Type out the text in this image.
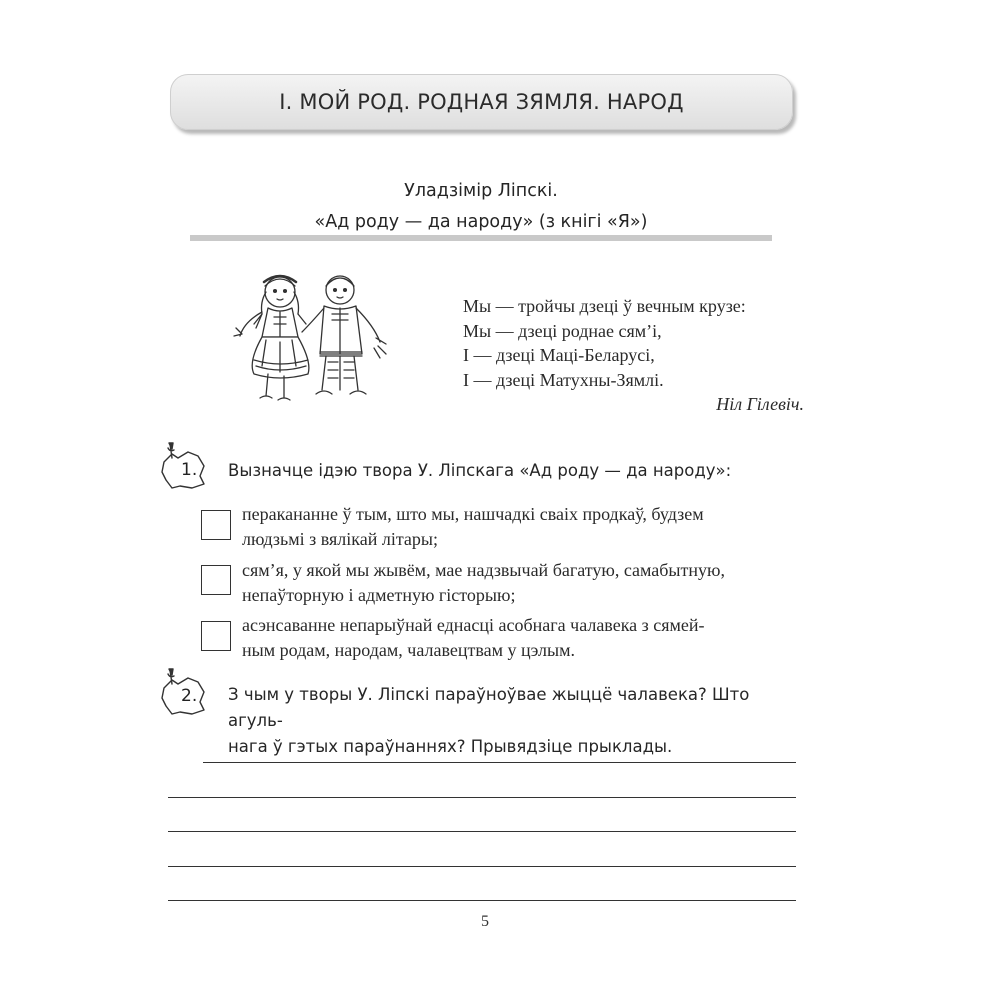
І. МОЙ РОД. РОДНАЯ ЗЯМЛЯ. НАРОД
Уладзімір Ліпскі.
«Ад роду — да народу» (з кнігі «Я»)
Мы — тройчы дзеці ў вечным крузе:
Мы — дзеці роднае сям’і,
І — дзеці Маці-Беларусі,
І — дзеці Матухны-Зямлі.
Ніл Гілевіч.
1. Вызначце ідэю твора У. Ліпскага «Ад роду — да народу»:
перакананне ў тым, што мы, нашчадкі сваіх продкаў, будзем
людзьмі з вялікай літары;
сям’я, у якой мы жывём, мае надзвычай багатую, самабытную,
непаўторную і адметную гісторыю;
асэнсаванне непарыўнай еднасці асобнага чалавека з сямей-
ным родам, народам, чалавецтвам у цэлым.
2. З чым у творы У. Ліпскі параўноўвае жыццё чалавека? Што агуль-
нага ў гэтых параўнаннях? Прывядзіце прыклады.
5
